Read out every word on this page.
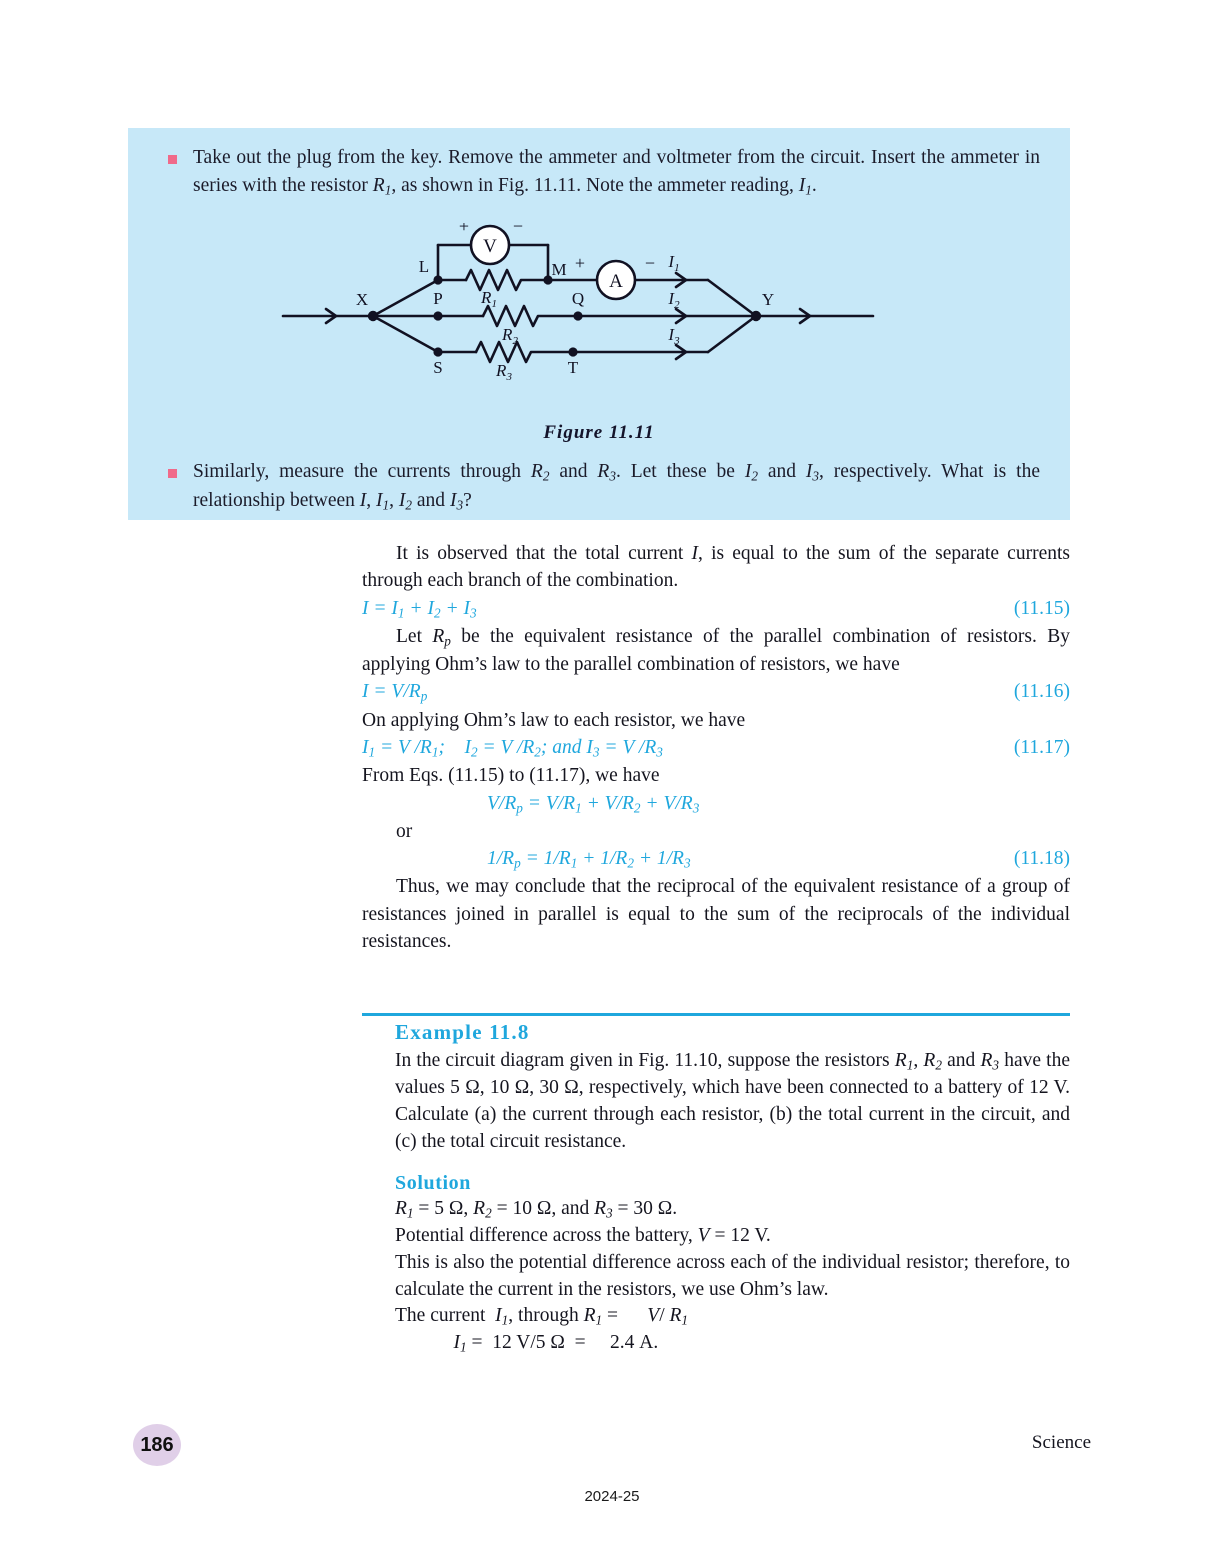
Take out the plug from the key. Remove the ammeter and voltmeter from the circuit. Insert the ammeter in series with the resistor $R_1$, as shown in Fig. 11.11. Note the ammeter reading, $I_1$.
V
A
+ −
+	−
L	M
X	Y
P	Q
S	T
$R_1$
$R_2$
$R_3$
$I_1$
$I_2$
$I_3$
Figure 11.11
Similarly, measure the currents through $R_2$ and $R_3$. Let these be $I_2$ and $I_3$, respectively. What is the relationship between I, $I_1$, $I_2$ and $I_3$?

It is observed that the total current I, is equal to the sum of the separate currents through each branch of the combination.

$I = I_1 + I_2 + I_3$	(11.15)

Let $R_p$ be the equivalent resistance of the parallel combination of resistors. By applying Ohm’s law to the parallel combination of resistors, we have

$I = V/R_p$	(11.16)

On applying Ohm’s law to each resistor, we have

$I_1 = V$ $/R_1$;    $I_2 = V$ $/R_2$; and $I_3 = V$ $/R_3$	(11.17)

From Eqs. (11.15) to (11.17), we have

$V/R_p = V/R_1 + V/R_2 + V/R_3$
or
$1/R_p = 1/R_1 + 1/R_2 + 1/R_3$	(11.18)

Thus, we may conclude that the reciprocal of the equivalent resistance of a group of resistances joined in parallel is equal to the sum of the reciprocals of the individual resistances.

Example 11.8

In the circuit diagram given in Fig. 11.10, suppose the resistors $R_1$, $R_2$ and $R_3$ have the values 5 Ω, 10 Ω, 30 Ω, respectively, which have been connected to a battery of 12 V. Calculate (a) the current through each resistor, (b) the total current in the circuit, and (c) the total circuit resistance.

Solution

$R_1 = 5$ Ω, $R_2 = 10$ Ω, and $R_3 = 30$ Ω.

Potential difference across the battery, V = 12 V.

This is also the potential difference across each of the individual resistor; therefore, to calculate the current in the resistors, we use Ohm’s law.

The current  $I_1$, through $R_1$ =      V/ $R_1$

$I_1 = 12$ V/5 Ω  =     2.4 A.

186	Science
2024-25
